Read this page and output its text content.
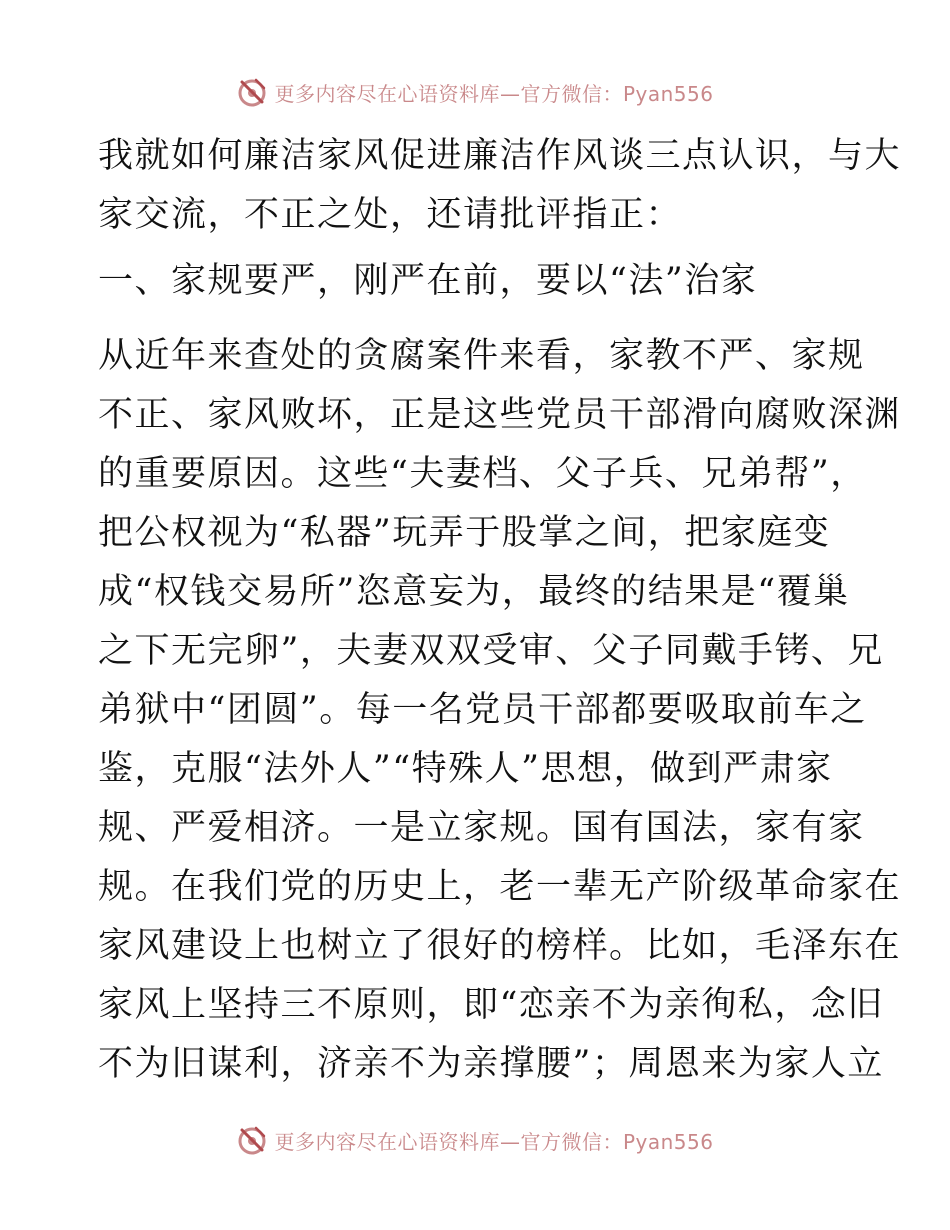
更多内容尽在心语资料库—官方微信：Pyan556
我就如何廉洁家风促进廉洁作风谈三点认识，与大
家交流，不正之处，还请批评指正：
一、家规要严，刚严在前，要以“法”治家
从近年来查处的贪腐案件来看，家教不严、家规
不正、家风败坏，正是这些党员干部滑向腐败深渊
的重要原因。这些“夫妻档、父子兵、兄弟帮”，
把公权视为“私器”玩弄于股掌之间，把家庭变
成“权钱交易所”恣意妄为，最终的结果是“覆巢
之下无完卵”，夫妻双双受审、父子同戴手铐、兄
弟狱中“团圆”。每一名党员干部都要吸取前车之
鉴，克服“法外人”“特殊人”思想，做到严肃家
规、严爱相济。一是立家规。国有国法，家有家
规。在我们党的历史上，老一辈无产阶级革命家在
家风建设上也树立了很好的榜样。比如，毛泽东在
家风上坚持三不原则，即“恋亲不为亲徇私，念旧
不为旧谋利，济亲不为亲撑腰”；周恩来为家人立
更多内容尽在心语资料库—官方微信：Pyan556
